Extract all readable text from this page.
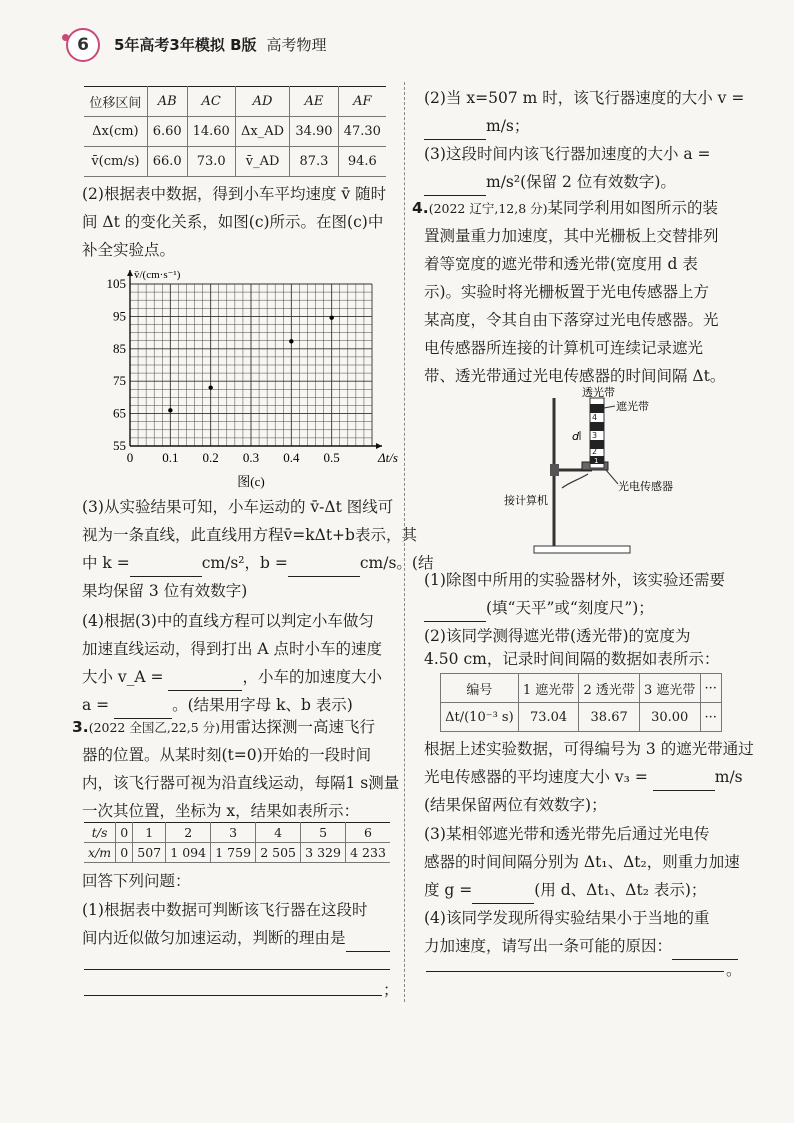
6	5年高考3年模拟 B版 高考物理
位移区间	AB	AC	AD	AE	AF
Δx(cm)	6.60	14.60	Δx_AD	34.90	47.30
v̄(cm/s)	66.0	73.0	v̄_AD	87.3	94.6
(2)根据表中数据，得到小车平均速度 v̄ 随时
间 Δt 的变化关系，如图(c)所示。在图(c)中
补全实验点。
0 0.1 0.2 0.3 0.4 0.5
55
65
75
85
95
105
Δt/s
v̄/(cm·s⁻¹)
图(c)
(3)从实验结果可知，小车运动的 v̄-Δt 图线可
视为一条直线，此直线用方程v̄=kΔt+b表示，其
中 k =	cm/s²，b =	cm/s。(结
果均保留 3 位有效数字)
(4)根据(3)中的直线方程可以判定小车做匀
加速直线运动，得到打出 A 点时小车的速度
大小 v_A =	，小车的加速度大小
a =	。(结果用字母 k、b 表示)
3.(2022 全国乙,22,5 分)用雷达探测一高速飞行
器的位置。从某时刻(t=0)开始的一段时间
内，该飞行器可视为沿直线运动，每隔1 s测量
一次其位置，坐标为 x，结果如表所示：
t/s	0	1	2	3	4	5	6
x/m	0	507	1 094	1 759	2 505	3 329	4 233
回答下列问题：
(1)根据表中数据可判断该飞行器在这段时
间内近似做匀加速运动，判断的理由是
；
(2)当 x=507 m 时，该飞行器速度的大小 v =
m/s；
(3)这段时间内该飞行器加速度的大小 a =
m/s²(保留 2 位有效数字)。
4.(2022 辽宁,12,8 分)某同学利用如图所示的装
置测量重力加速度，其中光栅板上交替排列
着等宽度的遮光带和透光带(宽度用 d 表
示)。实验时将光栅板置于光电传感器上方
某高度，令其自由下落穿过光电传感器。光
电传感器所连接的计算机可连续记录遮光
带、透光带通过光电传感器的时间间隔 Δt。
4
3
2
1
d
透光带
遮光带
光电传感器
接计算机
(1)除图中所用的实验器材外，该实验还需要
(填“天平”或“刻度尺”)；
(2)该同学测得遮光带(透光带)的宽度为
4.50 cm，记录时间间隔的数据如表所示：
编号	1 遮光带	2 透光带	3 遮光带	···
Δt/(10⁻³ s)	73.04	38.67	30.00	···
根据上述实验数据，可得编号为 3 的遮光带通过
光电传感器的平均速度大小 v₃ =	m/s
(结果保留两位有效数字)；
(3)某相邻遮光带和透光带先后通过光电传
感器的时间间隔分别为 Δt₁、Δt₂，则重力加速
度 g =	(用 d、Δt₁、Δt₂ 表示)；
(4)该同学发现所得实验结果小于当地的重
力加速度，请写出一条可能的原因：
。
